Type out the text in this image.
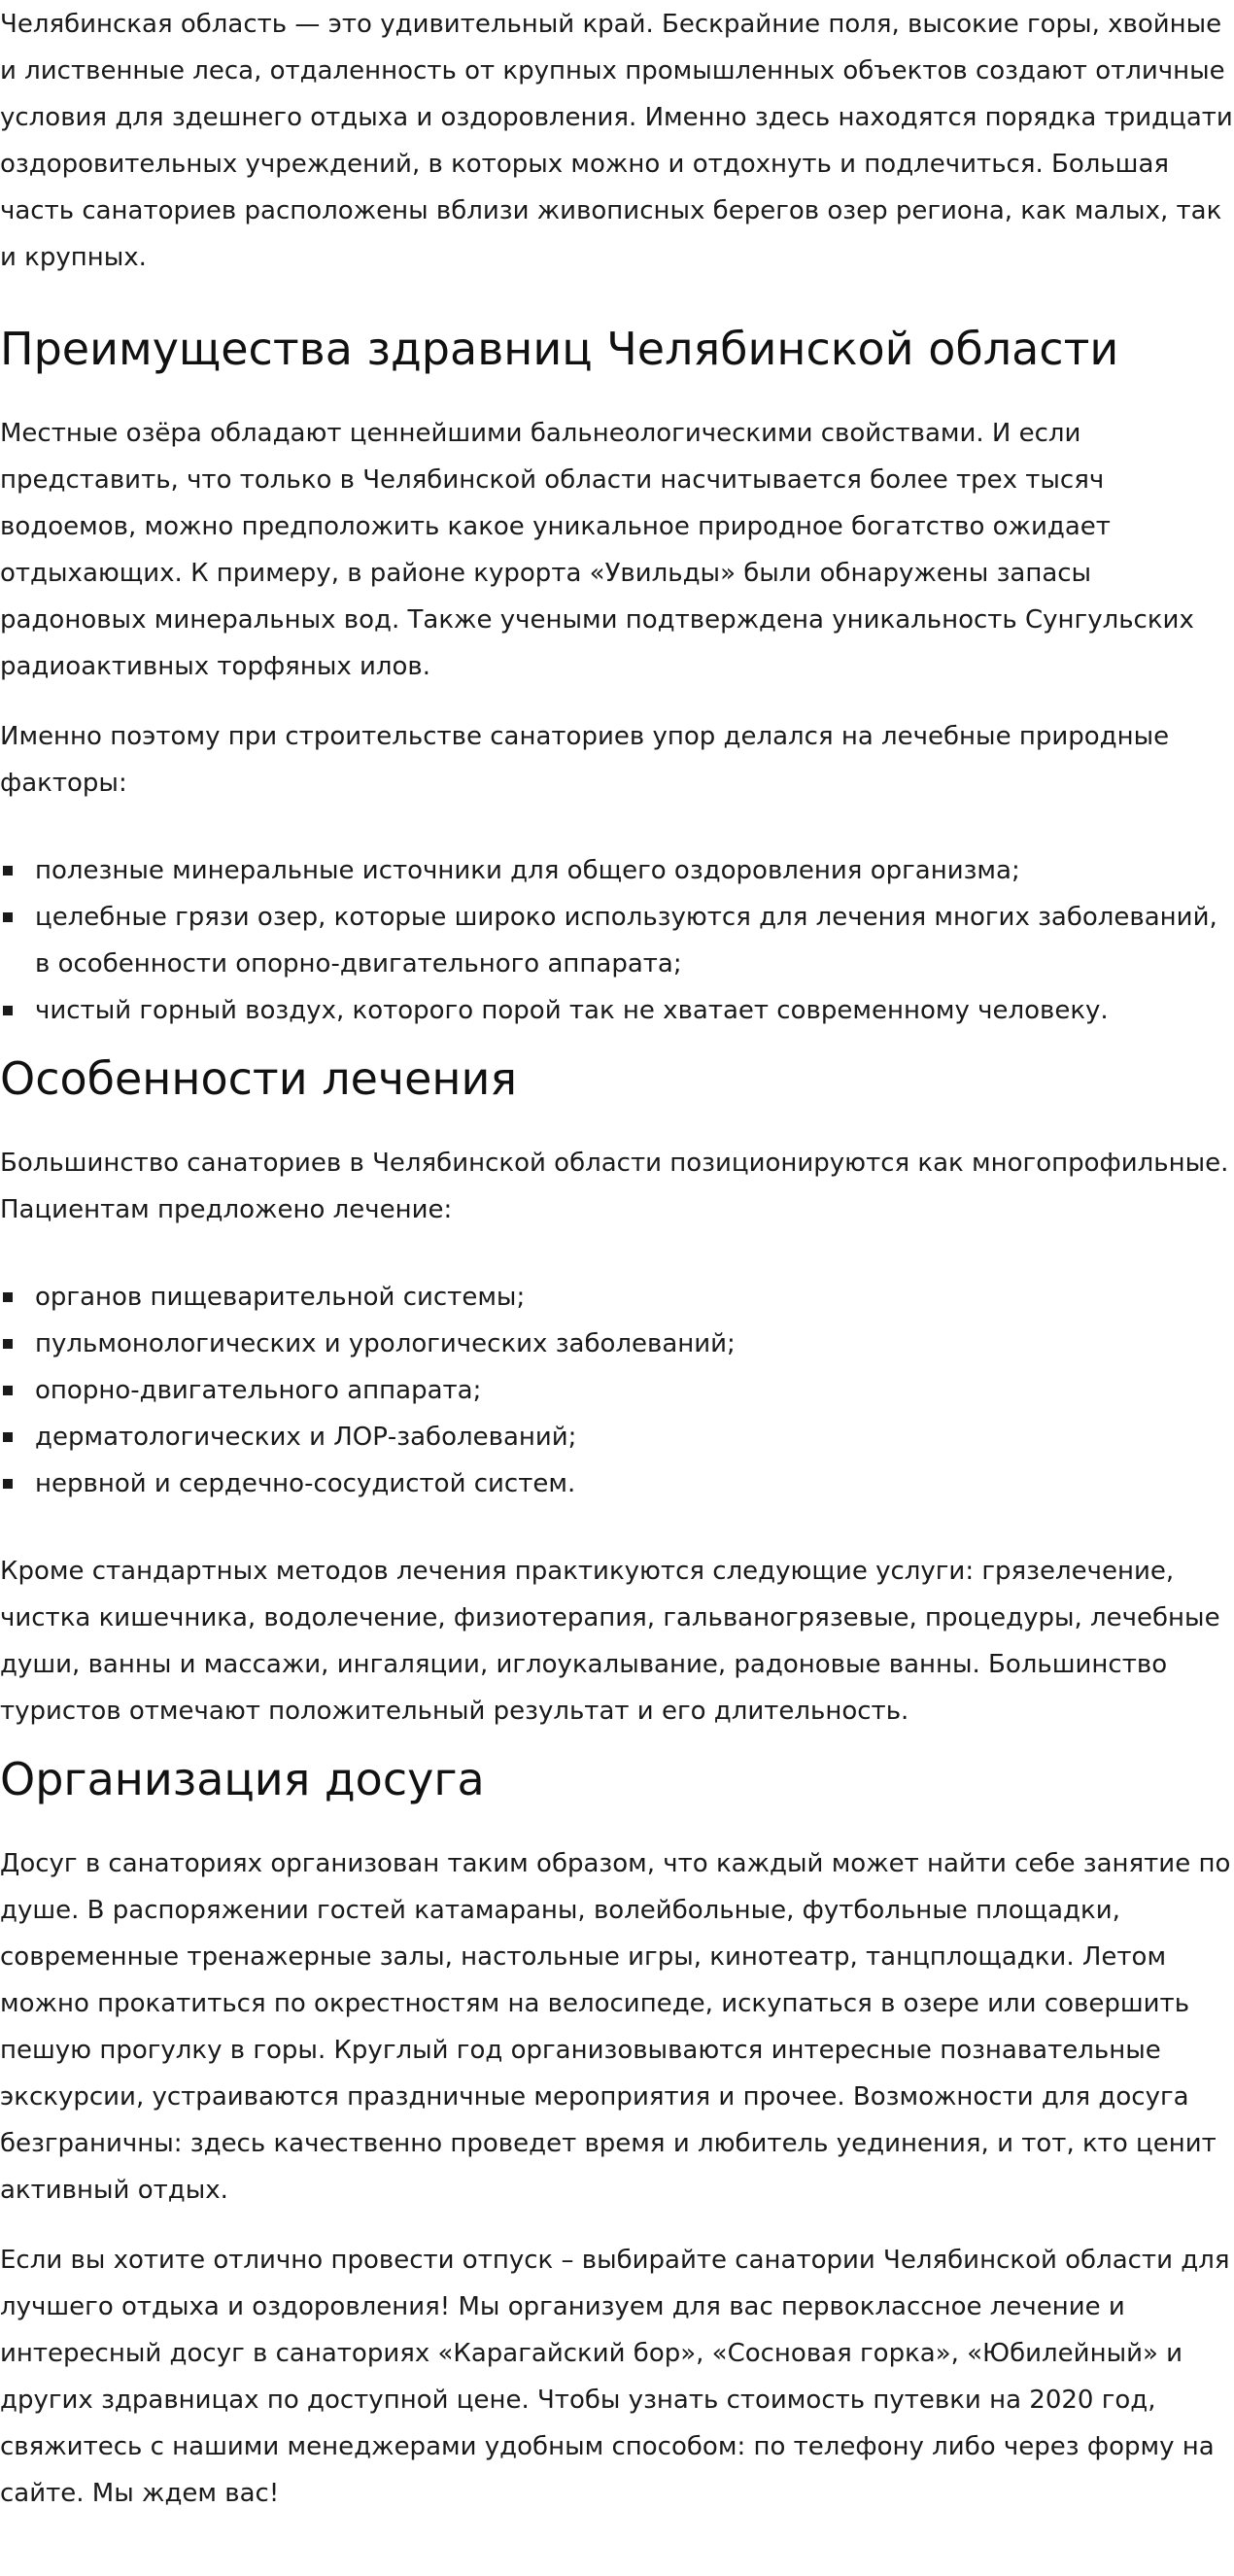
Челябинская область — это удивительный край. Бескрайние поля, высокие горы, хвойные и лиственные леса, отдаленность от крупных промышленных объектов создают отличные условия для здешнего отдыха и оздоровления. Именно здесь находятся порядка тридцати оздоровительных учреждений, в которых можно и отдохнуть и подлечиться. Большая часть санаториев расположены вблизи живописных берегов озер региона, как малых, так и крупных.

Преимущества здравниц Челябинской области

Местные озёра обладают ценнейшими бальнеологическими свойствами. И если представить, что только в Челябинской области насчитывается более трех тысяч водоемов, можно предположить какое уникальное природное богатство ожидает отдыхающих. К примеру, в районе курорта «Увильды» были обнаружены запасы радоновых минеральных вод. Также учеными подтверждена уникальность Сунгульских радиоактивных торфяных илов.

Именно поэтому при строительстве санаториев упор делался на лечебные природные факторы:

полезные минеральные источники для общего оздоровления организма;
целебные грязи озер, которые широко используются для лечения многих заболеваний, в особенности опорно-двигательного аппарата;
чистый горный воздух, которого порой так не хватает современному человеку.
Особенности лечения

Большинство санаториев в Челябинской области позиционируются как многопрофильные. Пациентам предложено лечение:

органов пищеварительной системы;
пульмонологических и урологических заболеваний;
опорно-двигательного аппарата;
дерматологических и ЛОР-заболеваний;
нервной и сердечно-сосудистой систем.

Кроме стандартных методов лечения практикуются следующие услуги: грязелечение, чистка кишечника, водолечение, физиотерапия, гальваногрязевые, процедуры, лечебные души, ванны и массажи, ингаляции, иглоукалывание, радоновые ванны. Большинство туристов отмечают положительный результат и его длительность.

Организация досуга

Досуг в санаториях организован таким образом, что каждый может найти себе занятие по душе. В распоряжении гостей катамараны, волейбольные, футбольные площадки, современные тренажерные залы, настольные игры, кинотеатр, танцплощадки. Летом можно прокатиться по окрестностям на велосипеде, искупаться в озере или совершить пешую прогулку в горы. Круглый год организовываются интересные познавательные экскурсии, устраиваются праздничные мероприятия и прочее. Возможности для досуга безграничны: здесь качественно проведет время и любитель уединения, и тот, кто ценит активный отдых.

Если вы хотите отлично провести отпуск – выбирайте санатории Челябинской области для лучшего отдыха и оздоровления! Мы организуем для вас первоклассное лечение и интересный досуг в санаториях «Карагайский бор», «Сосновая горка», «Юбилейный» и других здравницах по доступной цене. Чтобы узнать стоимость путевки на 2020 год, свяжитесь с нашими менеджерами удобным способом: по телефону либо через форму на сайте. Мы ждем вас!
